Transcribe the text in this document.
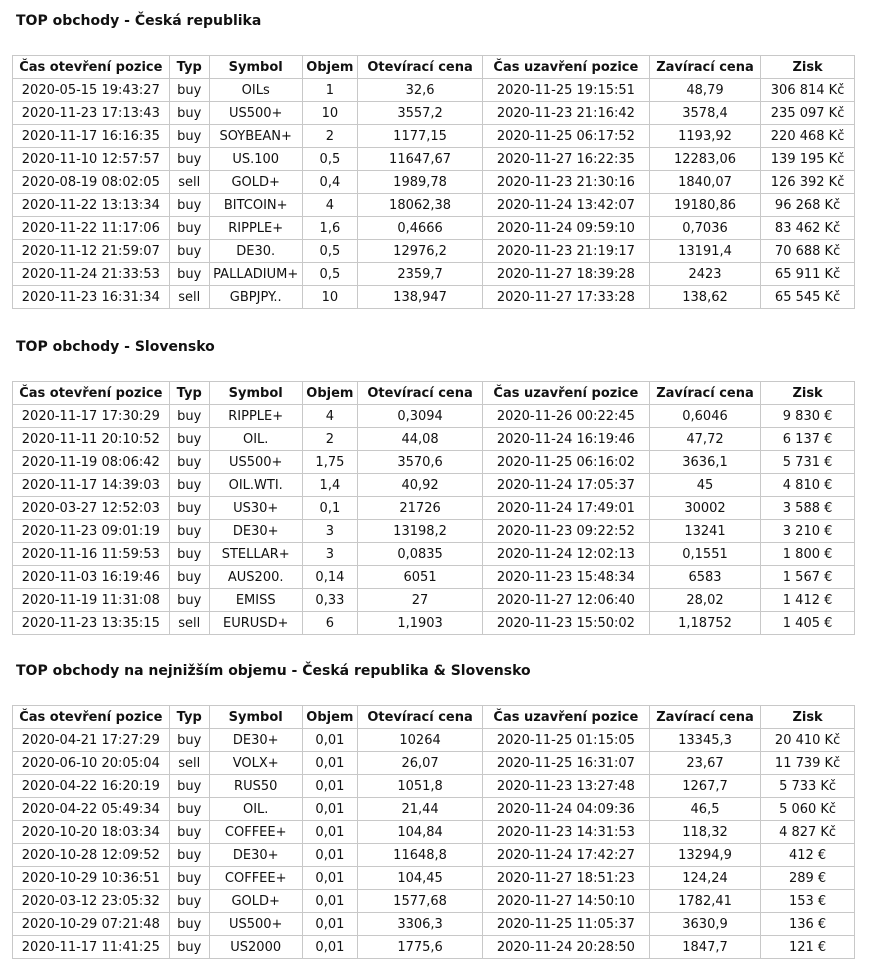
TOP obchody - Česká republika
Čas otevření pozice	Typ	Symbol	Objem	Otevírací cena	Čas uzavření pozice	Zavírací cena	Zisk
2020-05-15 19:43:27	buy	OILs	1	32,6	2020-11-25 19:15:51	48,79	306 814 Kč
2020-11-23 17:13:43	buy	US500+	10	3557,2	2020-11-23 21:16:42	3578,4	235 097 Kč
2020-11-17 16:16:35	buy	SOYBEAN+	2	1177,15	2020-11-25 06:17:52	1193,92	220 468 Kč
2020-11-10 12:57:57	buy	US.100	0,5	11647,67	2020-11-27 16:22:35	12283,06	139 195 Kč
2020-08-19 08:02:05	sell	GOLD+	0,4	1989,78	2020-11-23 21:30:16	1840,07	126 392 Kč
2020-11-22 13:13:34	buy	BITCOIN+	4	18062,38	2020-11-24 13:42:07	19180,86	96 268 Kč
2020-11-22 11:17:06	buy	RIPPLE+	1,6	0,4666	2020-11-24 09:59:10	0,7036	83 462 Kč
2020-11-12 21:59:07	buy	DE30.	0,5	12976,2	2020-11-23 21:19:17	13191,4	70 688 Kč
2020-11-24 21:33:53	buy	PALLADIUM+	0,5	2359,7	2020-11-27 18:39:28	2423	65 911 Kč
2020-11-23 16:31:34	sell	GBPJPY..	10	138,947	2020-11-27 17:33:28	138,62	65 545 Kč
TOP obchody - Slovensko
Čas otevření pozice	Typ	Symbol	Objem	Otevírací cena	Čas uzavření pozice	Zavírací cena	Zisk
2020-11-17 17:30:29	buy	RIPPLE+	4	0,3094	2020-11-26 00:22:45	0,6046	9 830 €
2020-11-11 20:10:52	buy	OIL.	2	44,08	2020-11-24 16:19:46	47,72	6 137 €
2020-11-19 08:06:42	buy	US500+	1,75	3570,6	2020-11-25 06:16:02	3636,1	5 731 €
2020-11-17 14:39:03	buy	OIL.WTI.	1,4	40,92	2020-11-24 17:05:37	45	4 810 €
2020-03-27 12:52:03	buy	US30+	0,1	21726	2020-11-24 17:49:01	30002	3 588 €
2020-11-23 09:01:19	buy	DE30+	3	13198,2	2020-11-23 09:22:52	13241	3 210 €
2020-11-16 11:59:53	buy	STELLAR+	3	0,0835	2020-11-24 12:02:13	0,1551	1 800 €
2020-11-03 16:19:46	buy	AUS200.	0,14	6051	2020-11-23 15:48:34	6583	1 567 €
2020-11-19 11:31:08	buy	EMISS	0,33	27	2020-11-27 12:06:40	28,02	1 412 €
2020-11-23 13:35:15	sell	EURUSD+	6	1,1903	2020-11-23 15:50:02	1,18752	1 405 €
TOP obchody na nejnižším objemu - Česká republika & Slovensko
Čas otevření pozice	Typ	Symbol	Objem	Otevírací cena	Čas uzavření pozice	Zavírací cena	Zisk
2020-04-21 17:27:29	buy	DE30+	0,01	10264	2020-11-25 01:15:05	13345,3	20 410 Kč
2020-06-10 20:05:04	sell	VOLX+	0,01	26,07	2020-11-25 16:31:07	23,67	11 739 Kč
2020-04-22 16:20:19	buy	RUS50	0,01	1051,8	2020-11-23 13:27:48	1267,7	5 733 Kč
2020-04-22 05:49:34	buy	OIL.	0,01	21,44	2020-11-24 04:09:36	46,5	5 060 Kč
2020-10-20 18:03:34	buy	COFFEE+	0,01	104,84	2020-11-23 14:31:53	118,32	4 827 Kč
2020-10-28 12:09:52	buy	DE30+	0,01	11648,8	2020-11-24 17:42:27	13294,9	412 €
2020-10-29 10:36:51	buy	COFFEE+	0,01	104,45	2020-11-27 18:51:23	124,24	289 €
2020-03-12 23:05:32	buy	GOLD+	0,01	1577,68	2020-11-27 14:50:10	1782,41	153 €
2020-10-29 07:21:48	buy	US500+	0,01	3306,3	2020-11-25 11:05:37	3630,9	136 €
2020-11-17 11:41:25	buy	US2000	0,01	1775,6	2020-11-24 20:28:50	1847,7	121 €
